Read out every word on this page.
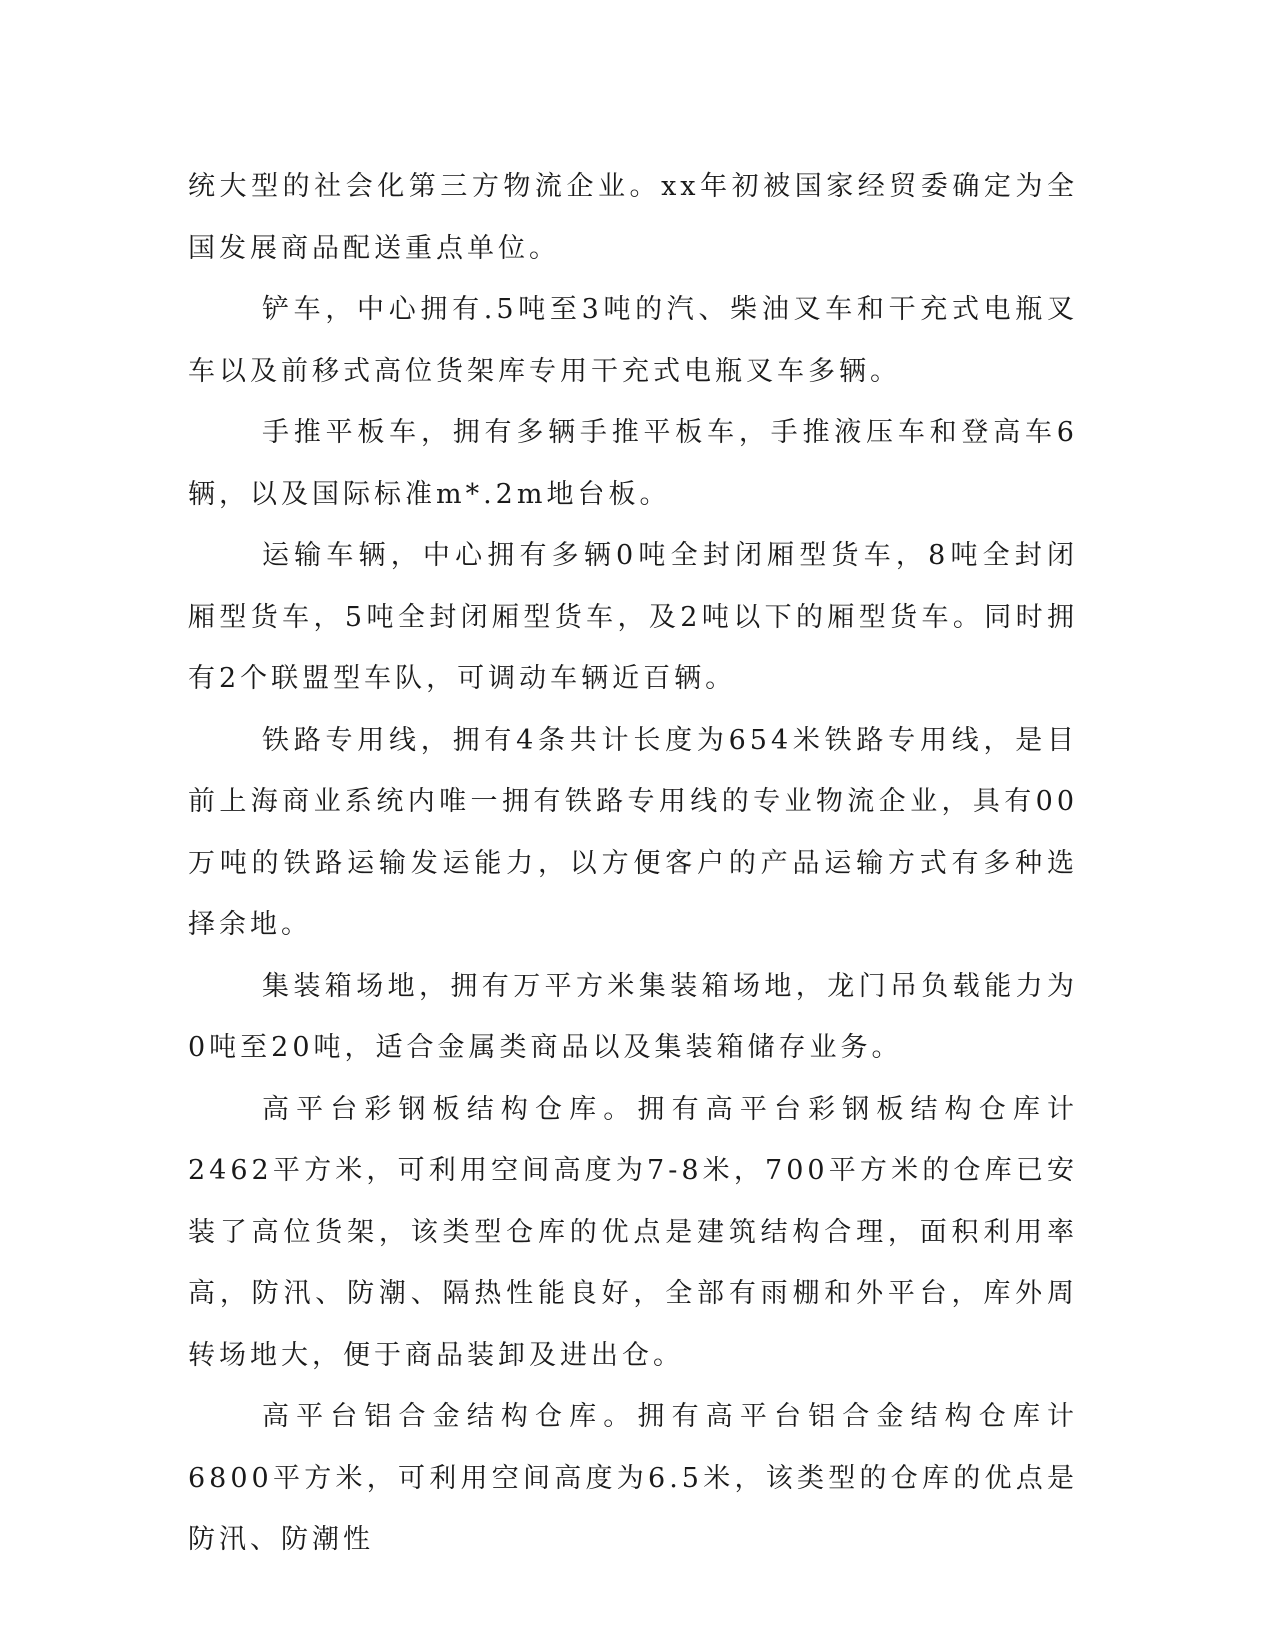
统大型的社会化第三方物流企业。xx年初被国家经贸委确定为全国发展商品配送重点单位。

铲车，中心拥有.5吨至3吨的汽、柴油叉车和干充式电瓶叉车以及前移式高位货架库专用干充式电瓶叉车多辆。

手推平板车，拥有多辆手推平板车，手推液压车和登高车6辆，以及国际标准m*.2m地台板。

运输车辆，中心拥有多辆0吨全封闭厢型货车，8吨全封闭厢型货车，5吨全封闭厢型货车，及2吨以下的厢型货车。同时拥有2个联盟型车队，可调动车辆近百辆。

铁路专用线，拥有4条共计长度为654米铁路专用线，是目前上海商业系统内唯一拥有铁路专用线的专业物流企业，具有00万吨的铁路运输发运能力，以方便客户的产品运输方式有多种选择余地。

集装箱场地，拥有万平方米集装箱场地，龙门吊负载能力为0吨至20吨，适合金属类商品以及集装箱储存业务。

高平台彩钢板结构仓库。拥有高平台彩钢板结构仓库计2462平方米，可利用空间高度为7-8米，700平方米的仓库已安装了高位货架，该类型仓库的优点是建筑结构合理，面积利用率高，防汛、防潮、隔热性能良好，全部有雨棚和外平台，库外周转场地大，便于商品装卸及进出仓。

高平台铝合金结构仓库。拥有高平台铝合金结构仓库计6800平方米，可利用空间高度为6.5米，该类型的仓库的优点是防汛、防潮性
